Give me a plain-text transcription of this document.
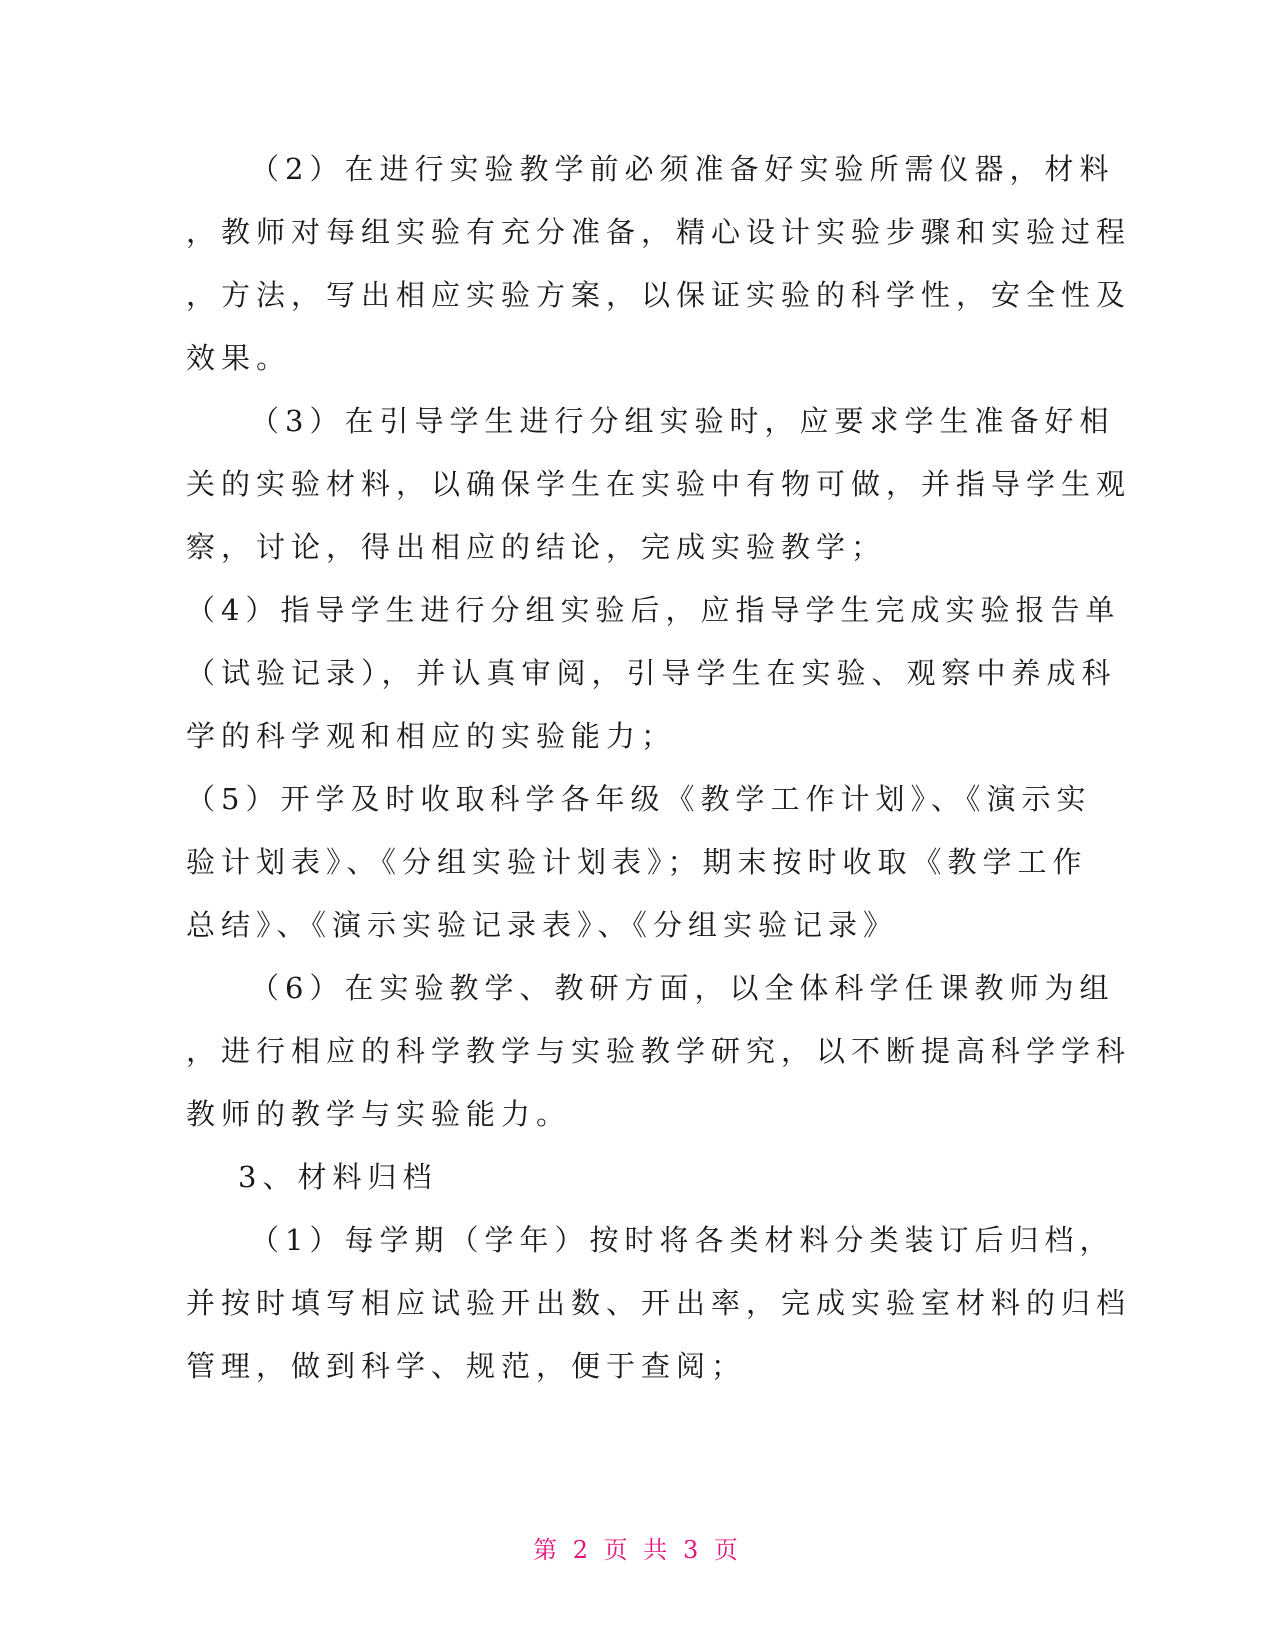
（2）在进行实验教学前必须准备好实验所需仪器，材料
，教师对每组实验有充分准备，精心设计实验步骤和实验过程
，方法，写出相应实验方案，以保证实验的科学性，安全性及
效果。
（3）在引导学生进行分组实验时，应要求学生准备好相
关的实验材料，以确保学生在实验中有物可做，并指导学生观
察，讨论，得出相应的结论，完成实验教学；
（4）指导学生进行分组实验后，应指导学生完成实验报告单
（试验记录），并认真审阅，引导学生在实验、观察中养成科
学的科学观和相应的实验能力；
（5）开学及时收取科学各年级《教学工作计划》、《演示实
验计划表》、《分组实验计划表》；期末按时收取《教学工作
总结》、《演示实验记录表》、《分组实验记录》
（6）在实验教学、教研方面，以全体科学任课教师为组
，进行相应的科学教学与实验教学研究，以不断提高科学学科
教师的教学与实验能力。
3、材料归档
（1）每学期（学年）按时将各类材料分类装订后归档，
并按时填写相应试验开出数、开出率，完成实验室材料的归档
管理，做到科学、规范，便于查阅；
第 2 页 共 3 页
